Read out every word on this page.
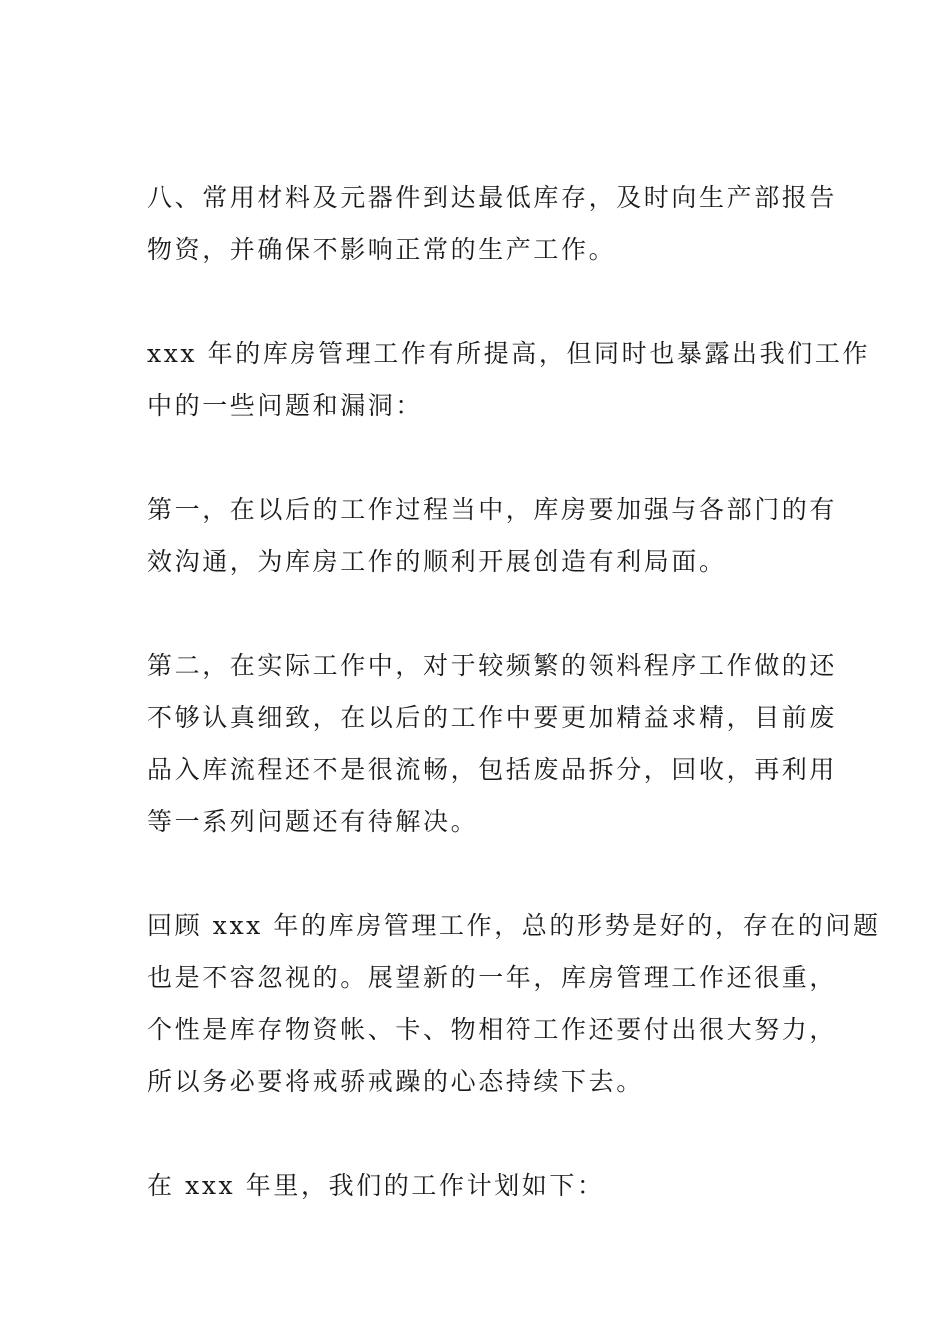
八、常用材料及元器件到达最低库存，及时向生产部报告
物资，并确保不影响正常的生产工作。

xxx 年的库房管理工作有所提高，但同时也暴露出我们工作
中的一些问题和漏洞：

第一，在以后的工作过程当中，库房要加强与各部门的有
效沟通，为库房工作的顺利开展创造有利局面。

第二，在实际工作中，对于较频繁的领料程序工作做的还
不够认真细致，在以后的工作中要更加精益求精，目前废
品入库流程还不是很流畅，包括废品拆分，回收，再利用
等一系列问题还有待解决。

回顾 xxx 年的库房管理工作，总的形势是好的，存在的问题
也是不容忽视的。展望新的一年，库房管理工作还很重，
个性是库存物资帐、卡、物相符工作还要付出很大努力，
所以务必要将戒骄戒躁的心态持续下去。

在 xxx 年里，我们的工作计划如下：
